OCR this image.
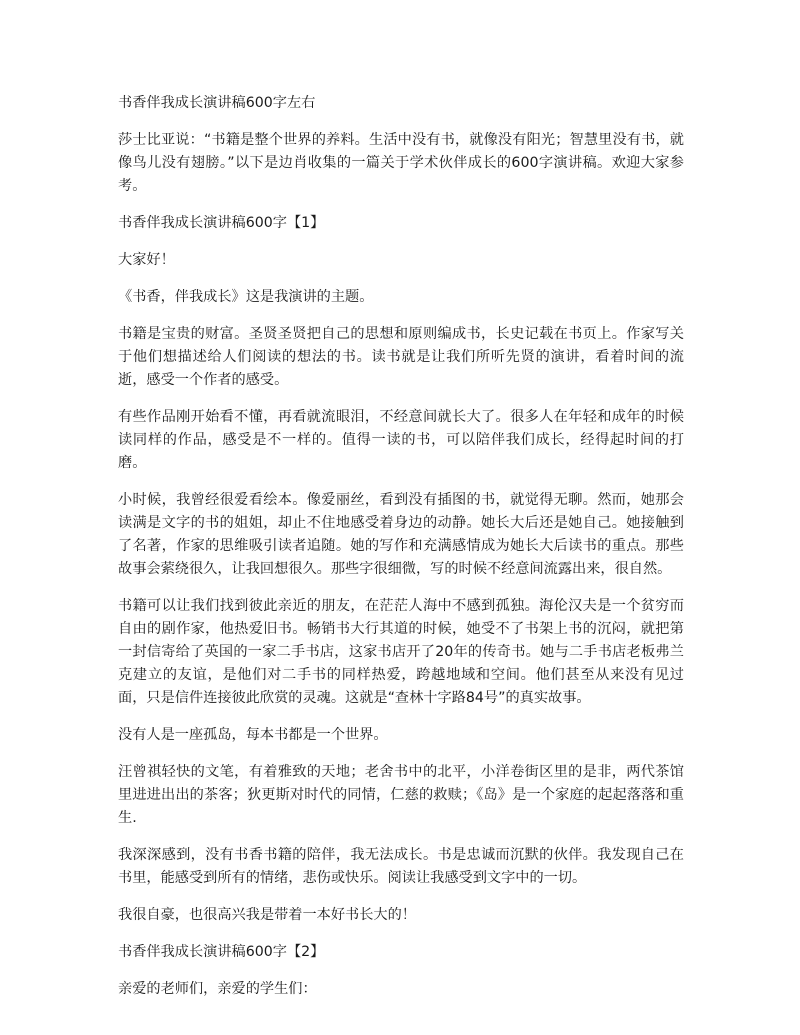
书香伴我成长演讲稿600字左右
莎士比亚说：“书籍是整个世界的养料。生活中没有书，就像没有阳光；智慧里没有书，就像鸟儿没有翅膀。”以下是边肖收集的一篇关于学术伙伴成长的600字演讲稿。欢迎大家参考。
书香伴我成长演讲稿600字【1】
大家好！
《书香，伴我成长》这是我演讲的主题。
书籍是宝贵的财富。圣贤圣贤把自己的思想和原则编成书，长史记载在书页上。作家写关于他们想描述给人们阅读的想法的书。读书就是让我们所听先贤的演讲，看着时间的流逝，感受一个作者的感受。
有些作品刚开始看不懂，再看就流眼泪，不经意间就长大了。很多人在年轻和成年的时候读同样的作品，感受是不一样的。值得一读的书，可以陪伴我们成长，经得起时间的打磨。
小时候，我曾经很爱看绘本。像爱丽丝，看到没有插图的书，就觉得无聊。然而，她那会读满是文字的书的姐姐，却止不住地感受着身边的动静。她长大后还是她自己。她接触到了名著，作家的思维吸引读者追随。她的写作和充满感情成为她长大后读书的重点。那些故事会萦绕很久，让我回想很久。那些字很细微，写的时候不经意间流露出来，很自然。
书籍可以让我们找到彼此亲近的朋友，在茫茫人海中不感到孤独。海伦汉夫是一个贫穷而自由的剧作家，他热爱旧书。畅销书大行其道的时候，她受不了书架上书的沉闷，就把第一封信寄给了英国的一家二手书店，这家书店开了20年的传奇书。她与二手书店老板弗兰克建立的友谊，是他们对二手书的同样热爱，跨越地域和空间。他们甚至从来没有见过面，只是信件连接彼此欣赏的灵魂。这就是“查林十字路84号”的真实故事。
没有人是一座孤岛，每本书都是一个世界。
汪曾祺轻快的文笔，有着雅致的天地；老舍书中的北平，小洋卷街区里的是非，两代茶馆里进进出出的茶客；狄更斯对时代的同情，仁慈的救赎；《岛》是一个家庭的起起落落和重生.
我深深感到，没有书香书籍的陪伴，我无法成长。书是忠诚而沉默的伙伴。我发现自己在书里，能感受到所有的情绪，悲伤或快乐。阅读让我感受到文字中的一切。
我很自豪，也很高兴我是带着一本好书长大的！
书香伴我成长演讲稿600字【2】
亲爱的老师们，亲爱的学生们：
